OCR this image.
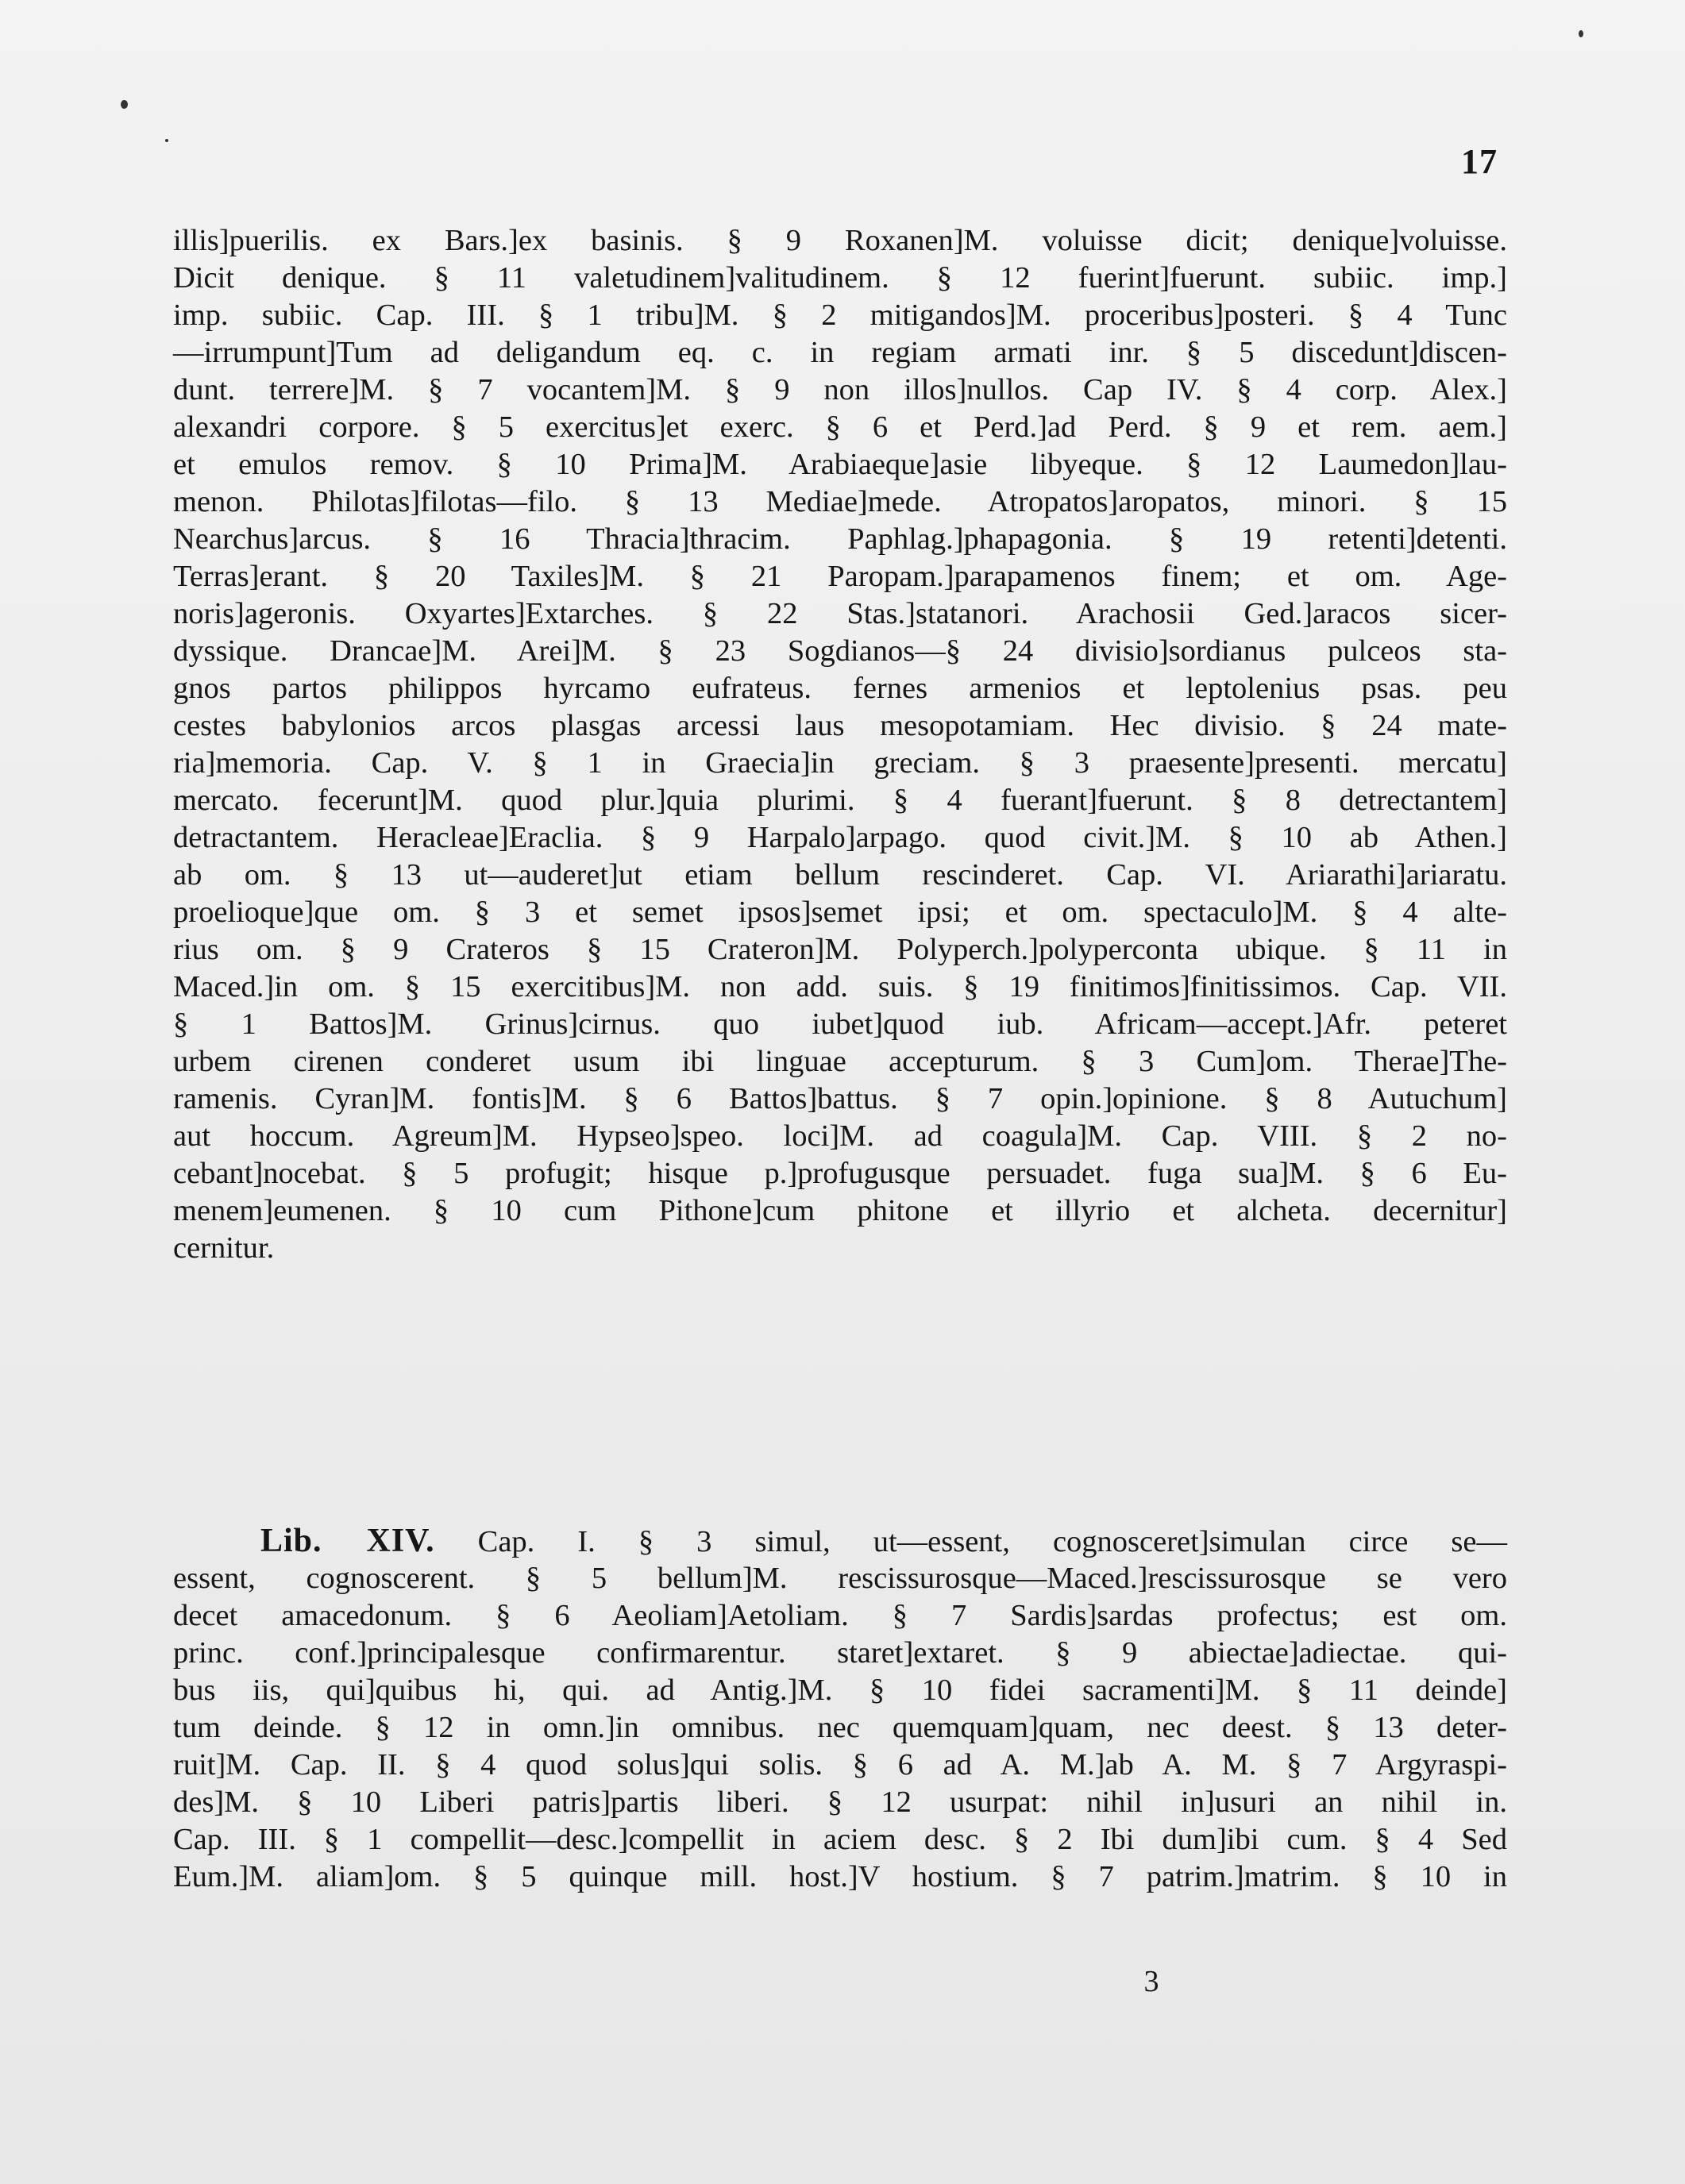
17
illis]puerilis. ex Bars.]ex basinis. § 9 Roxanen]M. voluisse dicit; denique]voluisse.
Dicit denique. § 11 valetudinem]valitudinem. § 12 fuerint]fuerunt. subiic. imp.]
imp. subiic. Cap. III. § 1 tribu]M. § 2 mitigandos]M. proceribus]posteri. § 4 Tunc
—irrumpunt]Tum ad deligandum eq. c. in regiam armati inr. § 5 discedunt]discen-
dunt. terrere]M. § 7 vocantem]M. § 9 non illos]nullos. Cap IV. § 4 corp. Alex.]
alexandri corpore. § 5 exercitus]et exerc. § 6 et Perd.]ad Perd. § 9 et rem. aem.]
et emulos remov. § 10 Prima]M. Arabiaeque]asie libyeque. § 12 Laumedon]lau-
menon. Philotas]filotas—filo. § 13 Mediae]mede. Atropatos]aropatos, minori. § 15
Nearchus]arcus. § 16 Thracia]thracim. Paphlag.]phapagonia. § 19 retenti]detenti.
Terras]erant. § 20 Taxiles]M. § 21 Paropam.]parapamenos finem; et om. Age-
noris]ageronis. Oxyartes]Extarches. § 22 Stas.]statanori. Arachosii Ged.]aracos sicer-
dyssique. Drancae]M. Arei]M. § 23 Sogdianos—§ 24 divisio]sordianus pulceos sta-
gnos partos philippos hyrcamo eufrateus. fernes armenios et leptolenius psas. peu
cestes babylonios arcos plasgas arcessi laus mesopotamiam. Hec divisio. § 24 mate-
ria]memoria. Cap. V. § 1 in Graecia]in greciam. § 3 praesente]presenti. mercatu]
mercato. fecerunt]M. quod plur.]quia plurimi. § 4 fuerant]fuerunt. § 8 detrectantem]
detractantem. Heracleae]Eraclia. § 9 Harpalo]arpago. quod civit.]M. § 10 ab Athen.]
ab om. § 13 ut—auderet]ut etiam bellum rescinderet. Cap. VI. Ariarathi]ariaratu.
proelioque]que om. § 3 et semet ipsos]semet ipsi; et om. spectaculo]M. § 4 alte-
rius om. § 9 Crateros § 15 Crateron]M. Polyperch.]polyperconta ubique. § 11 in
Maced.]in om. § 15 exercitibus]M. non add. suis. § 19 finitimos]finitissimos. Cap. VII.
§ 1 Battos]M. Grinus]cirnus. quo iubet]quod iub. Africam—accept.]Afr. peteret
urbem cirenen conderet usum ibi linguae accepturum. § 3 Cum]om. Therae]The-
ramenis. Cyran]M. fontis]M. § 6 Battos]battus. § 7 opin.]opinione. § 8 Autuchum]
aut hoccum. Agreum]M. Hypseo]speo. loci]M. ad coagula]M. Cap. VIII. § 2 no-
cebant]nocebat. § 5 profugit; hisque p.]profugusque persuadet. fuga sua]M. § 6 Eu-
menem]eumenen. § 10 cum Pithone]cum phitone et illyrio et alcheta. decernitur]
cernitur.
Lib. XIV. Cap. I. § 3 simul, ut—essent, cognosceret]simulan circe se—
essent, cognoscerent. § 5 bellum]M. rescissurosque—Maced.]rescissurosque se vero
decet amacedonum. § 6 Aeoliam]Aetoliam. § 7 Sardis]sardas profectus; est om.
princ. conf.]principalesque confirmarentur. staret]extaret. § 9 abiectae]adiectae. qui-
bus iis, qui]quibus hi, qui. ad Antig.]M. § 10 fidei sacramenti]M. § 11 deinde]
tum deinde. § 12 in omn.]in omnibus. nec quemquam]quam, nec deest. § 13 deter-
ruit]M. Cap. II. § 4 quod solus]qui solis. § 6 ad A. M.]ab A. M. § 7 Argyraspi-
des]M. § 10 Liberi patris]partis liberi. § 12 usurpat: nihil in]usuri an nihil in.
Cap. III. § 1 compellit—desc.]compellit in aciem desc. § 2 Ibi dum]ibi cum. § 4 Sed
Eum.]M. aliam]om. § 5 quinque mill. host.]V hostium. § 7 patrim.]matrim. § 10 in
3
